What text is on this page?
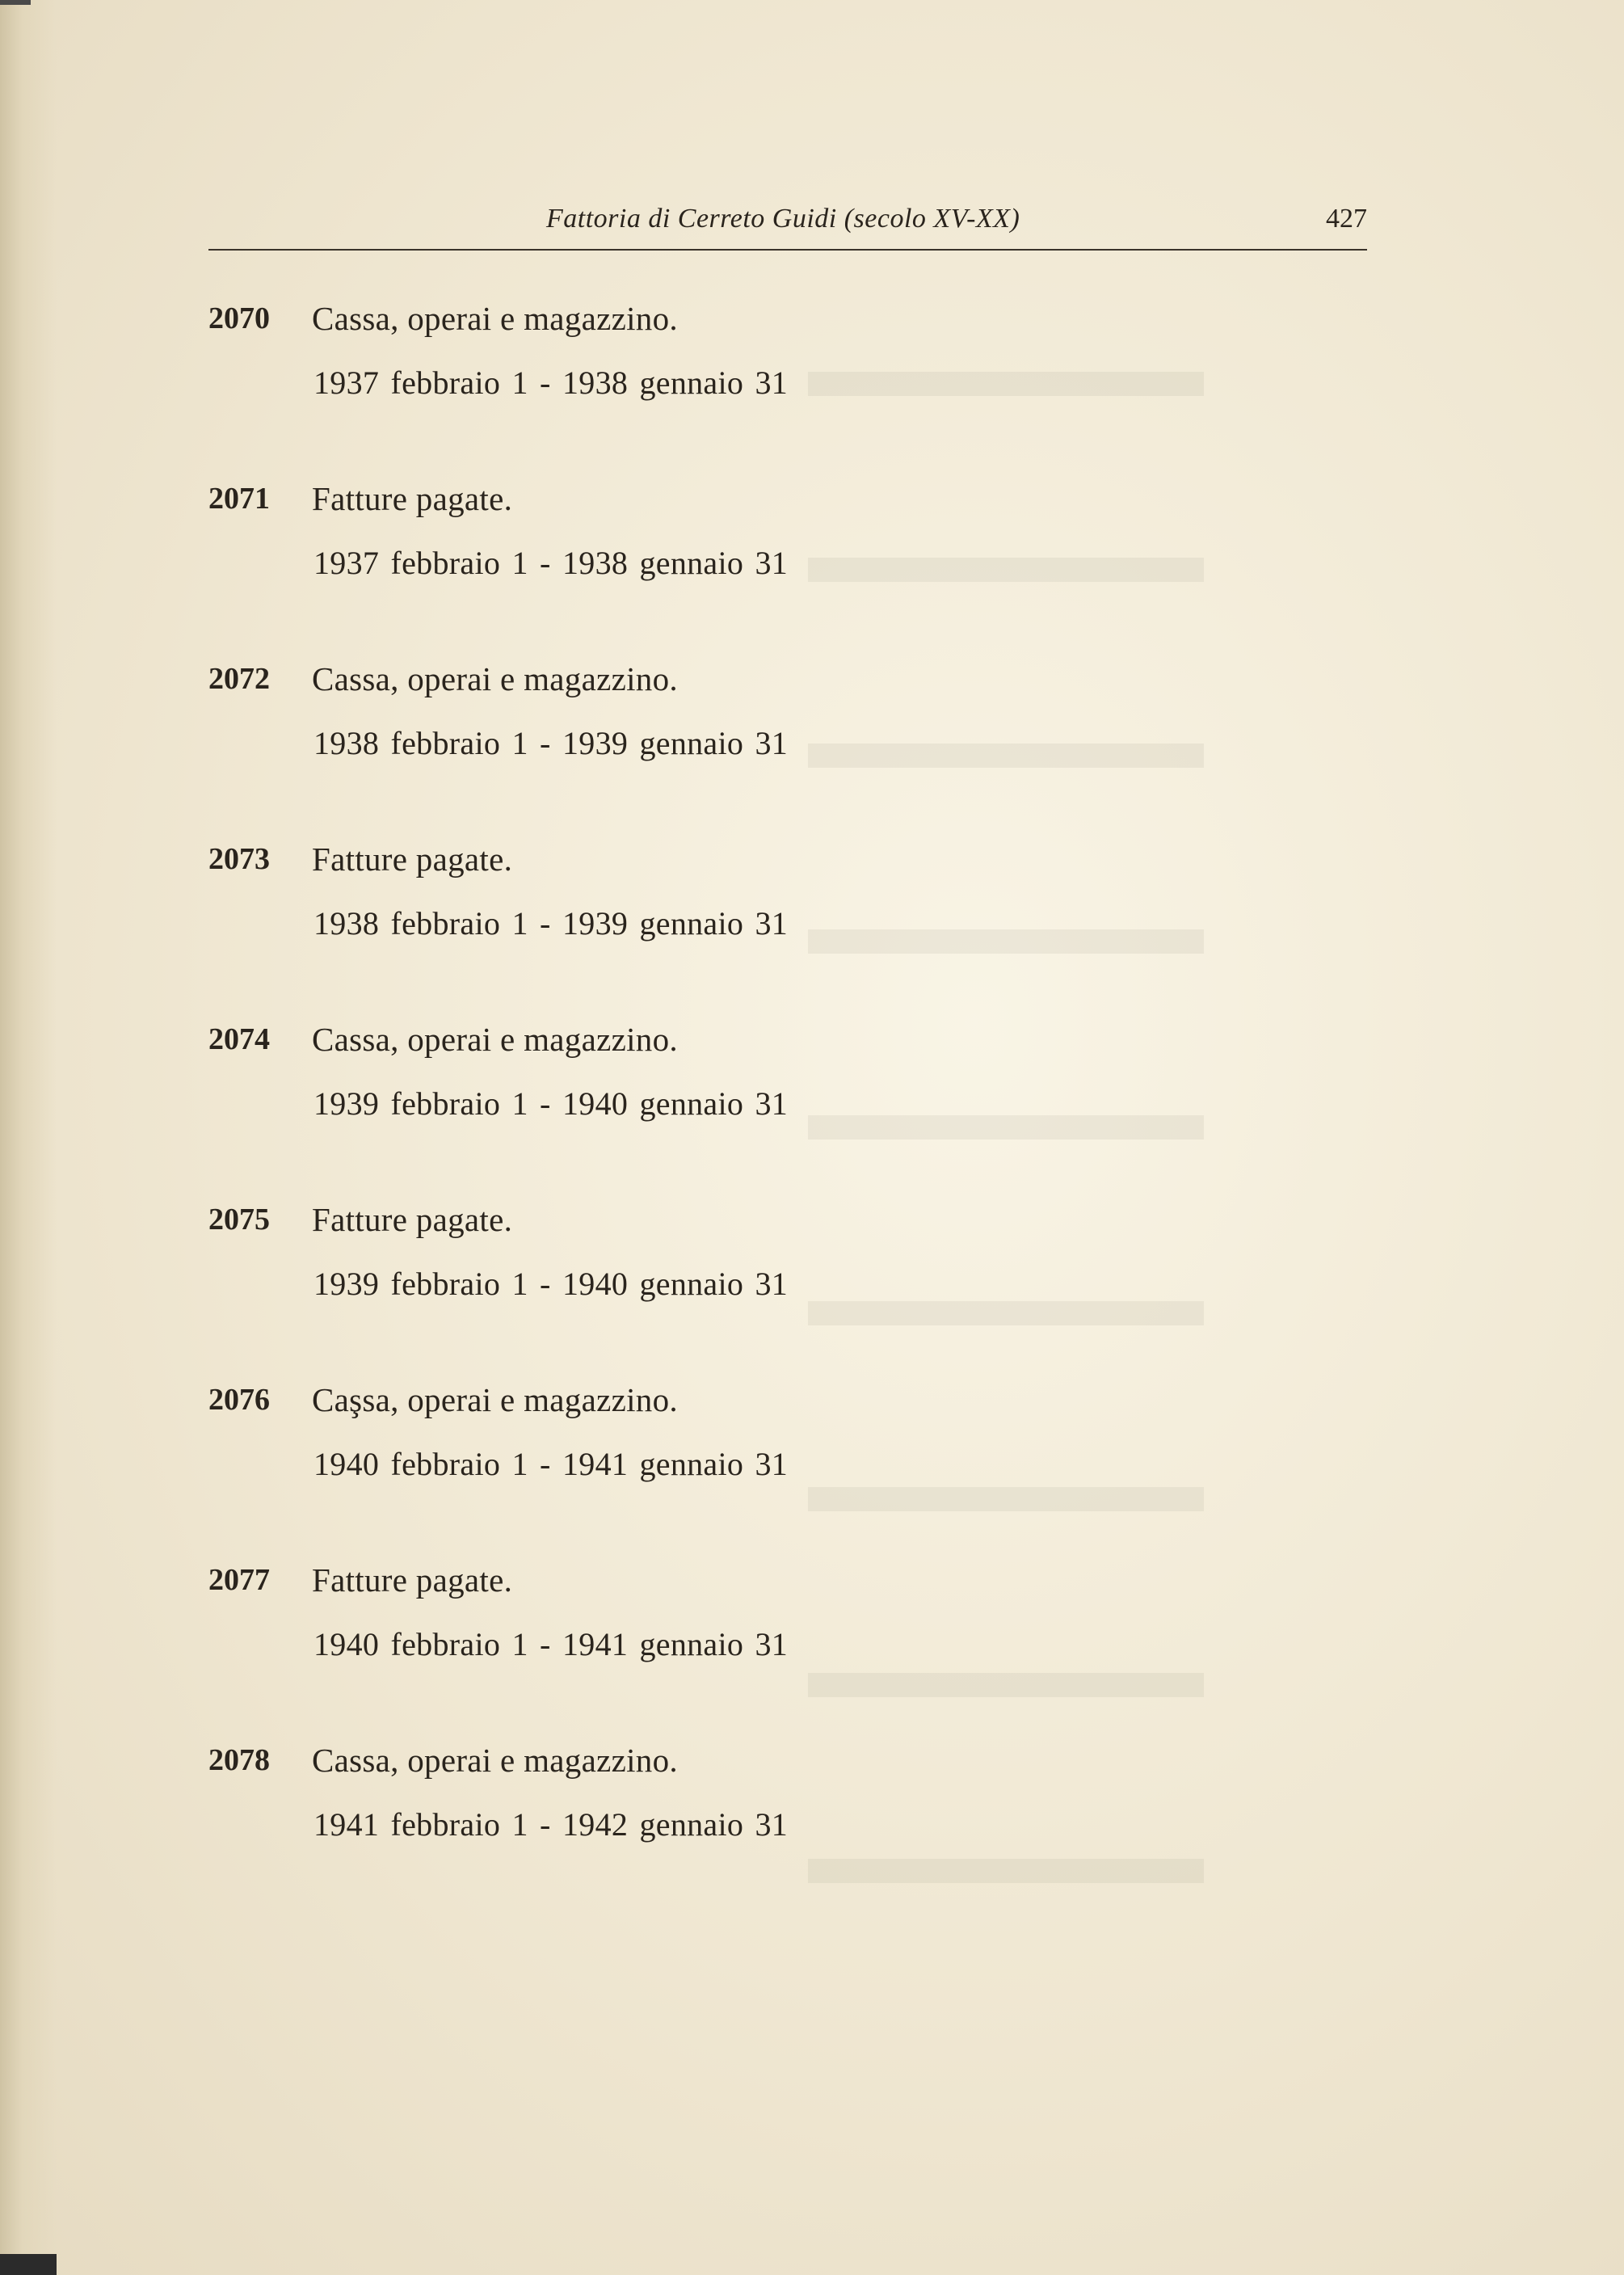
Fattoria di Cerreto Guidi (secolo XV-XX)	427
2070 Cassa, operai e magazzino.
1937 febbraio 1 - 1938 gennaio 31
2071 Fatture pagate.
1937 febbraio 1 - 1938 gennaio 31
2072 Cassa, operai e magazzino.
1938 febbraio 1 - 1939 gennaio 31
2073 Fatture pagate.
1938 febbraio 1 - 1939 gennaio 31
2074 Cassa, operai e magazzino.
1939 febbraio 1 - 1940 gennaio 31
2075 Fatture pagate.
1939 febbraio 1 - 1940 gennaio 31
2076 Caşsa, operai e magazzino.
1940 febbraio 1 - 1941 gennaio 31
2077 Fatture pagate.
1940 febbraio 1 - 1941 gennaio 31
2078 Cassa, operai e magazzino.
1941 febbraio 1 - 1942 gennaio 31
